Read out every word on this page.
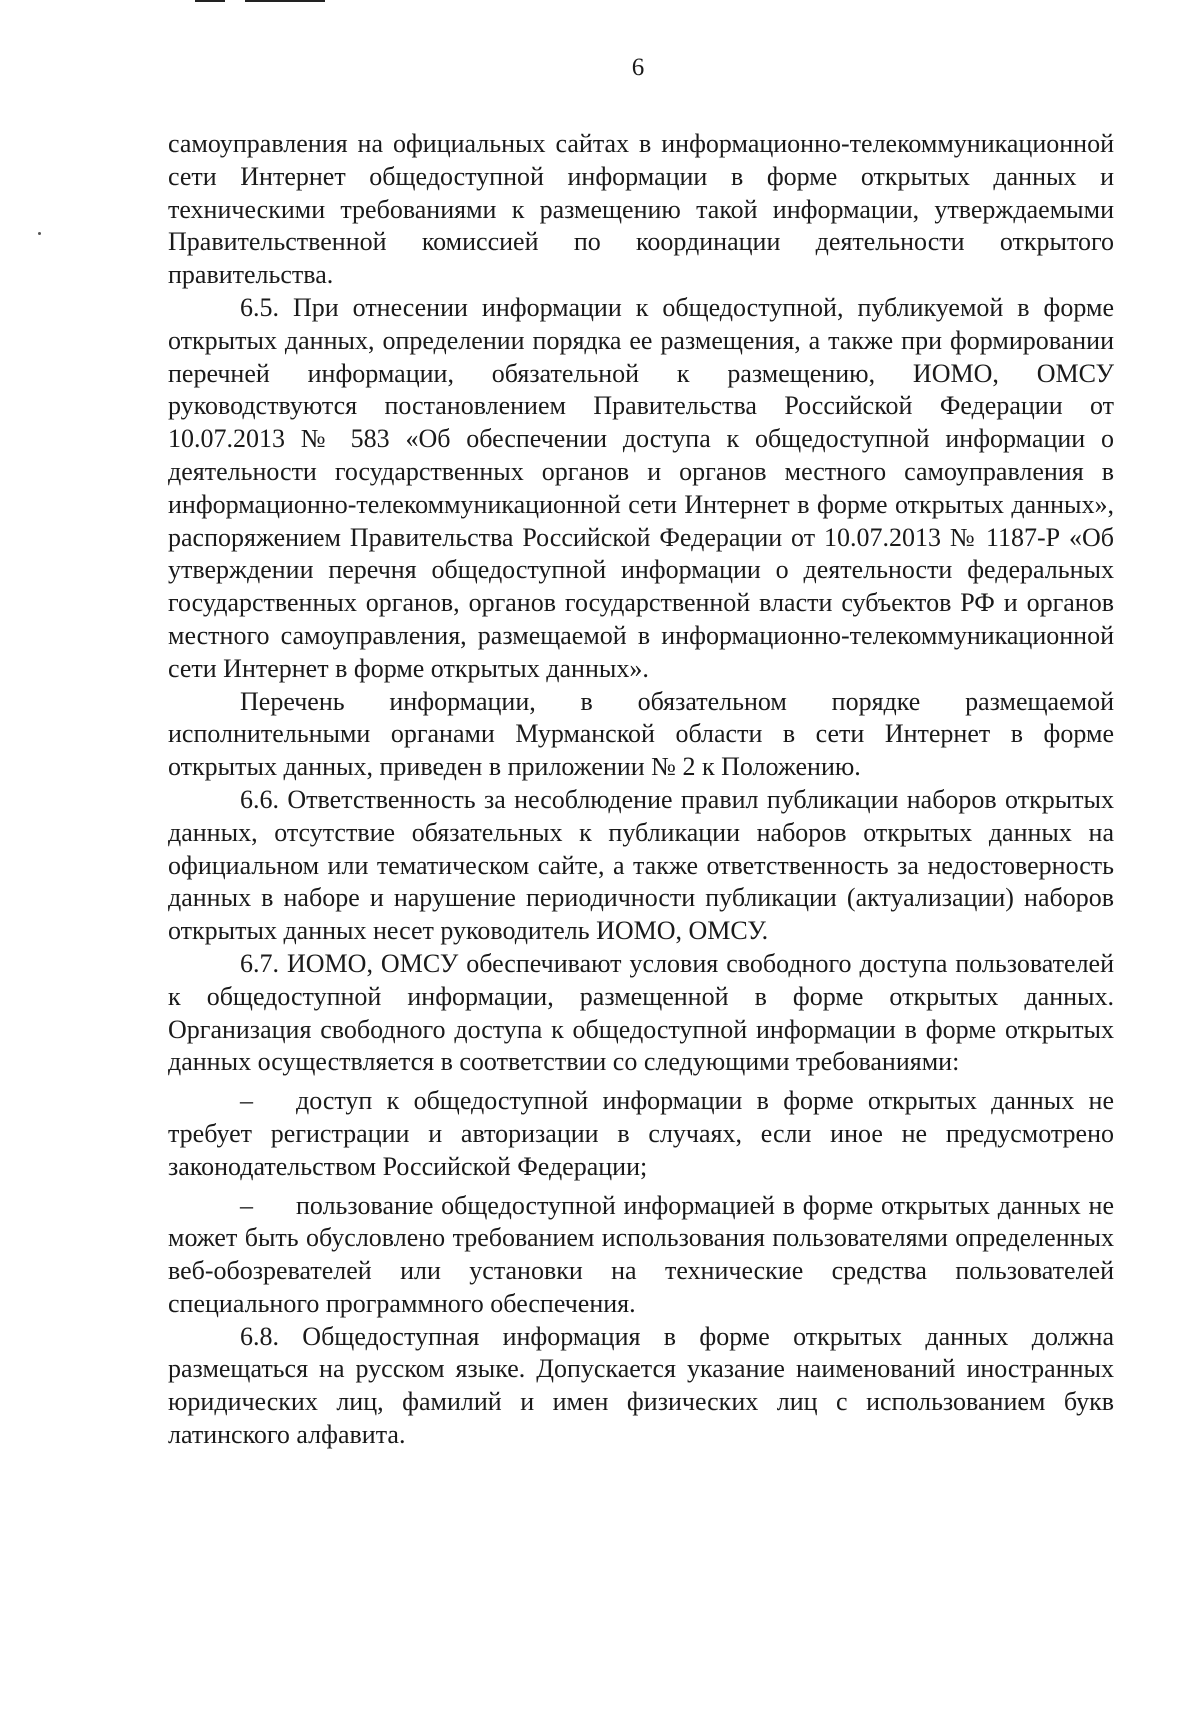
6

самоуправления на официальных сайтах в информационно-телекоммуникационной сети Интернет общедоступной информации в форме открытых данных и техническими требованиями к размещению такой информации, утверждаемыми Правительственной комиссией по координации деятельности открытого правительства.

6.5. При отнесении информации к общедоступной, публикуемой в форме открытых данных, определении порядка ее размещения, а также при формировании перечней информации, обязательной к размещению, ИОМО, ОМСУ руководствуются постановлением Правительства Российской Федерации от 10.07.2013 № 583 «Об обеспечении доступа к общедоступной информации о деятельности государственных органов и органов местного самоуправления в информационно-телекоммуникационной сети Интернет в форме открытых данных», распоряжением Правительства Российской Федерации от 10.07.2013 № 1187-Р «Об утверждении перечня общедоступной информации о деятельности федеральных государственных органов, органов государственной власти субъектов РФ и органов местного самоуправления, размещаемой в информационно-телекоммуникационной сети Интернет в форме открытых данных».

Перечень информации, в обязательном порядке размещаемой исполнительными органами Мурманской области в сети Интернет в форме открытых данных, приведен в приложении № 2 к Положению.

6.6. Ответственность за несоблюдение правил публикации наборов открытых данных, отсутствие обязательных к публикации наборов открытых данных на официальном или тематическом сайте, а также ответственность за недостоверность данных в наборе и нарушение периодичности публикации (актуализации) наборов открытых данных несет руководитель ИОМО, ОМСУ.

6.7. ИОМО, ОМСУ обеспечивают условия свободного доступа пользователей к общедоступной информации, размещенной в форме открытых данных. Организация свободного доступа к общедоступной информации в форме открытых данных осуществляется в соответствии со следующими требованиями:

– доступ к общедоступной информации в форме открытых данных не требует регистрации и авторизации в случаях, если иное не предусмотрено законодательством Российской Федерации;

– пользование общедоступной информацией в форме открытых данных не может быть обусловлено требованием использования пользователями определенных веб-обозревателей или установки на технические средства пользователей специального программного обеспечения.

6.8. Общедоступная информация в форме открытых данных должна размещаться на русском языке. Допускается указание наименований иностранных юридических лиц, фамилий и имен физических лиц с использованием букв латинского алфавита.
